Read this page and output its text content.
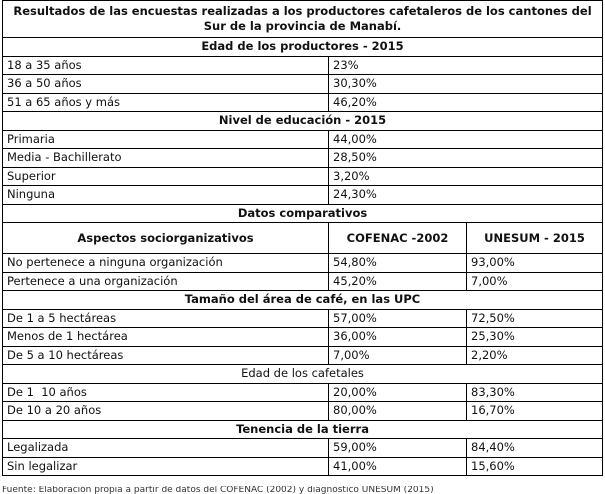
Resultados de las encuestas realizadas a los productores cafetaleros de los cantones del Sur de la provincia de Manabí.		
Edad de los productores - 2015		
18 a 35 años	23%	
36 a 50 años	30,30%	
51 a 65 años y más	46,20%	
Nivel de educación - 2015		
Primaria	44,00%	
Media - Bachillerato	28,50%	
Superior	3,20%	
Ninguna	24,30%	
Datos comparativos		
Aspectos sociorganizativos	COFENAC -2002	UNESUM - 2015
No pertenece a ninguna organización	54,80%	93,00%
Pertenece a una organización	45,20%	7,00%
Tamaño del área de café, en las UPC		
De 1 a 5 hectáreas	57,00%	72,50%
Menos de 1 hectárea	36,00%	25,30%
De 5 a 10 hectáreas	7,00%	2,20%
Edad de los cafetales		
De 1  10 años	20,00%	83,30%
De 10 a 20 años	80,00%	16,70%
Tenencia de la tierra		
Legalizada	59,00%	84,40%
Sin legalizar	41,00%	15,60%
Fuente: Elaboración propia a partir de datos del COFENAC (2002) y diagnóstico UNESUM (2015)
